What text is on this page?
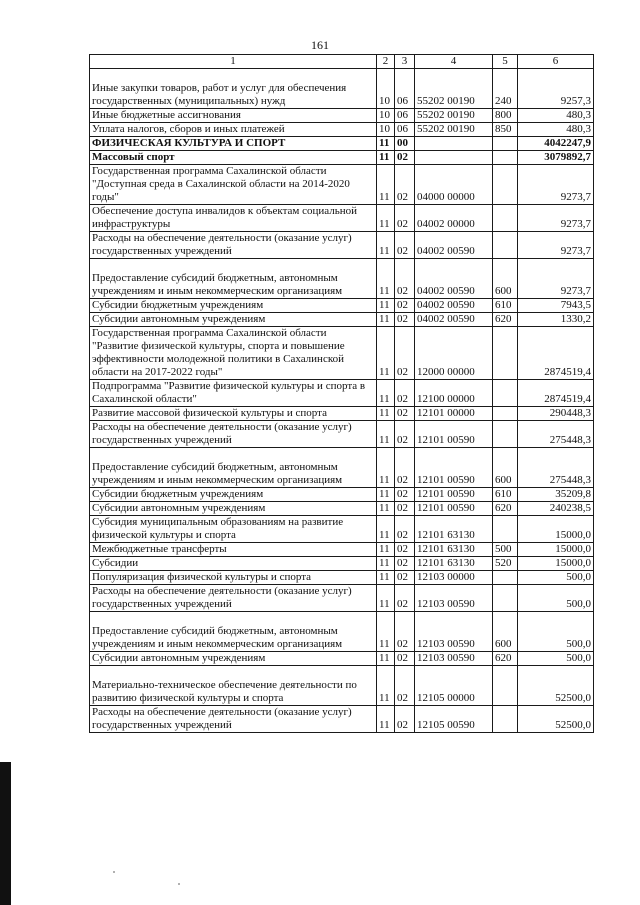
161
1	2	3	4	5	6
Иные закупки товаров, работ и услуг для обеспечения государственных (муниципальных) нужд	10	06	55202 00190	240	9257,3
Иные бюджетные ассигнования	10	06	55202 00190	800	480,3
Уплата налогов, сборов и иных платежей	10	06	55202 00190	850	480,3
ФИЗИЧЕСКАЯ КУЛЬТУРА И СПОРТ	11	00			4042247,9
Массовый спорт	11	02			3079892,7
Государственная программа Сахалинской области "Доступная среда в Сахалинской области на 2014-2020 годы"	11	02	04000 00000		9273,7
Обеспечение доступа инвалидов к объектам социальной инфраструктуры	11	02	04002 00000		9273,7
Расходы на обеспечение деятельности (оказание услуг) государственных учреждений	11	02	04002 00590		9273,7
Предоставление субсидий бюджетным, автономным учреждениям и иным некоммерческим организациям	11	02	04002 00590	600	9273,7
Субсидии бюджетным учреждениям	11	02	04002 00590	610	7943,5
Субсидии автономным учреждениям	11	02	04002 00590	620	1330,2
Государственная программа Сахалинской области "Развитие физической культуры, спорта и повышение эффективности молодежной политики в Сахалинской области на 2017-2022 годы"	11	02	12000 00000		2874519,4
Подпрограмма "Развитие физической культуры и спорта в Сахалинской области"	11	02	12100 00000		2874519,4
Развитие массовой физической культуры и спорта	11	02	12101 00000		290448,3
Расходы на обеспечение деятельности (оказание услуг) государственных учреждений	11	02	12101 00590		275448,3
Предоставление субсидий бюджетным, автономным учреждениям и иным некоммерческим организациям	11	02	12101 00590	600	275448,3
Субсидии бюджетным учреждениям	11	02	12101 00590	610	35209,8
Субсидии автономным учреждениям	11	02	12101 00590	620	240238,5
Субсидия муниципальным образованиям на развитие физической культуры и спорта	11	02	12101 63130		15000,0
Межбюджетные трансферты	11	02	12101 63130	500	15000,0
Субсидии	11	02	12101 63130	520	15000,0
Популяризация физической культуры и спорта	11	02	12103 00000		500,0
Расходы на обеспечение деятельности (оказание услуг) государственных учреждений	11	02	12103 00590		500,0
Предоставление субсидий бюджетным, автономным учреждениям и иным некоммерческим организациям	11	02	12103 00590	600	500,0
Субсидии автономным учреждениям	11	02	12103 00590	620	500,0
Материально-техническое обеспечение деятельности по развитию физической культуры и спорта	11	02	12105 00000		52500,0
Расходы на обеспечение деятельности (оказание услуг) государственных учреждений	11	02	12105 00590		52500,0
